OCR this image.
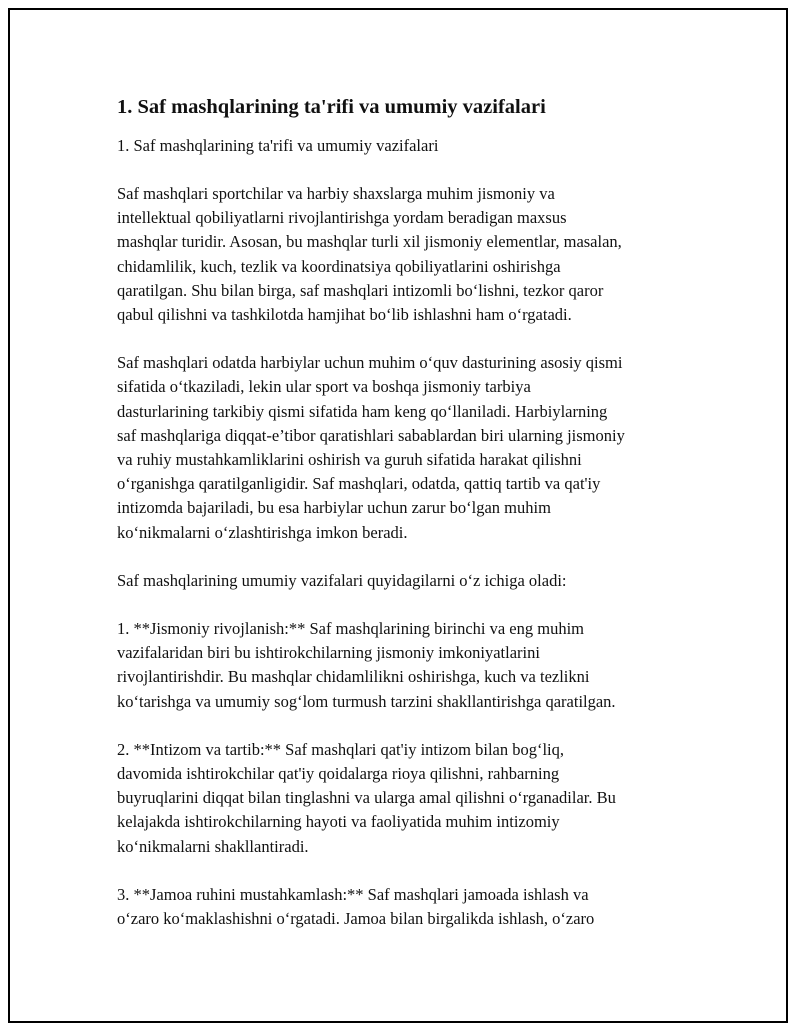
1. Saf mashqlarining ta'rifi va umumiy vazifalari

1. Saf mashqlarining ta'rifi va umumiy vazifalari

Saf mashqlari sportchilar va harbiy shaxslarga muhim jismoniy va
intellektual qobiliyatlarni rivojlantirishga yordam beradigan maxsus
mashqlar turidir. Asosan, bu mashqlar turli xil jismoniy elementlar, masalan,
chidamlilik, kuch, tezlik va koordinatsiya qobiliyatlarini oshirishga
qaratilgan. Shu bilan birga, saf mashqlari intizomli bo‘lishni, tezkor qaror
qabul qilishni va tashkilotda hamjihat bo‘lib ishlashni ham o‘rgatadi.

Saf mashqlari odatda harbiylar uchun muhim o‘quv dasturining asosiy qismi
sifatida o‘tkaziladi, lekin ular sport va boshqa jismoniy tarbiya
dasturlarining tarkibiy qismi sifatida ham keng qo‘llaniladi. Harbiylarning
saf mashqlariga diqqat-e’tibor qaratishlari sabablardan biri ularning jismoniy
va ruhiy mustahkamliklarini oshirish va guruh sifatida harakat qilishni
o‘rganishga qaratilganligidir. Saf mashqlari, odatda, qattiq tartib va qat'iy
intizomda bajariladi, bu esa harbiylar uchun zarur bo‘lgan muhim
ko‘nikmalarni o‘zlashtirishga imkon beradi.

Saf mashqlarining umumiy vazifalari quyidagilarni o‘z ichiga oladi:

1. **Jismoniy rivojlanish:** Saf mashqlarining birinchi va eng muhim
vazifalaridan biri bu ishtirokchilarning jismoniy imkoniyatlarini
rivojlantirishdir. Bu mashqlar chidamlilikni oshirishga, kuch va tezlikni
ko‘tarishga va umumiy sog‘lom turmush tarzini shakllantirishga qaratilgan.

2. **Intizom va tartib:** Saf mashqlari qat'iy intizom bilan bog‘liq,
davomida ishtirokchilar qat'iy qoidalarga rioya qilishni, rahbarning
buyruqlarini diqqat bilan tinglashni va ularga amal qilishni o‘rganadilar. Bu
kelajakda ishtirokchilarning hayoti va faoliyatida muhim intizomiy
ko‘nikmalarni shakllantiradi.

3. **Jamoa ruhini mustahkamlash:** Saf mashqlari jamoada ishlash va
o‘zaro ko‘maklashishni o‘rgatadi. Jamoa bilan birgalikda ishlash, o‘zaro
